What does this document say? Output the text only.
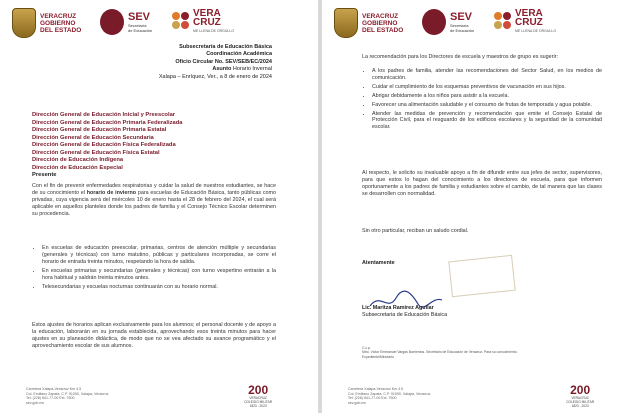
VERACRUZ
GOBIERNO
DEL ESTADO
SEV
Secretaría
de Educación
VERA
CRUZ
ME LLENA DE ORGULLO
Subsecretaría de Educación Básica
Coordinación Académica
Oficio Circular No. SEV/SEB/EC/2024
Asunto Horario Invernal
Xalapa – Enríquez, Ver., a 8 de enero de 2024
Dirección General de Educación Inicial y Preescolar
Dirección General de Educación Primaria Federalizada
Dirección General de Educación Primaria Estatal
Dirección General de Educación Secundaria
Dirección General de Educación Física Federalizada
Dirección General de Educación Física Estatal
Dirección de Educación Indígena
Dirección de Educación Especial
Presente
Con el fin de prevenir enfermedades respiratorias y cuidar la salud de nuestros estudiantes, se hace de su conocimiento el horario de invierno para escuelas de Educación Básica, tanto públicas como privadas, cuya vigencia será del miércoles 10 de enero hasta el 28 de febrero del 2024, el cual será aplicable en aquellos planteles donde los padres de familia y el Consejo Técnico Escolar determinen su procedencia.
• En escuelas de educación preescolar, primarias, centros de atención múltiple y secundarias (generales y técnicas) con turno matutino, públicas y particulares incorporadas, se corre el horario de entrada treinta minutos, respetando la hora de salida.
• En escuelas primarias y secundarias (generales y técnicas) con turno vespertino entrarán a la hora habitual y saldrán treinta minutos antes.
• Telesecundarias y escuelas nocturnas continuarán con su horario normal.
Estos ajustes de horarios aplican exclusivamente para los alumnos; el personal docente y de apoyo a la educación, laborarán en su jornada establecida, aprovechando esos treinta minutos para hacer ajustes en su planeación didáctica, de modo que no se vea afectado su avance programático y el aprovechamiento escolar de sus alumnos.
Carretera Xalapa-Veracruz Km 4.5
Col. Emiliano Zapata, C.P. 91090, Xalapa, Veracruz.
Tel: (228) 841-77-00 Ext. 7600
sev.gob.mx
200
VERACRUZ
COLEGIO MILITAR
1823 - 2023
VERACRUZ
GOBIERNO
DEL ESTADO
SEV
Secretaría
de Educación
VERA
CRUZ
ME LLENA DE ORGULLO
La recomendación para los Directores de escuela y maestros de grupo es sugerir:
• A los padres de familia, atender las recomendaciones del Sector Salud, en los medios de comunicación.
• Cuidar el cumplimiento de los esquemas preventivos de vacunación en sus hijos.
• Abrigar debidamente a los niños para asistir a la escuela.
• Favorecer una alimentación saludable y el consumo de frutas de temporada y agua potable.
• Atender las medidas de prevención y recomendación que emite el Consejo Estatal de Protección Civil, para el resguardo de los edificios escolares y la seguridad de la comunidad escolar.
Al respecto, le solicito su invaluable apoyo a fin de difundir entre sus jefes de sector, supervisores, para que estos lo hagan del conocimiento a los directores de escuela, para que informen oportunamente a los padres de familia y estudiantes sobre el cambio, de tal manera que las clases se desarrollen con normalidad.
Sin otro particular, reciban un saludo cordial.
Atentamente
Lic. Maritza Ramírez Aguilar
Subsecretaria de Educación Básica
C.c.p.
Mtro. Victor Emmanuel Vargas Barrientos. Secretario de Educación de Veracruz. Para su conocimiento.
Expediente/Minutario
Carretera Xalapa-Veracruz Km 4.5
Col. Emiliano Zapata, C.P. 91090, Xalapa, Veracruz.
Tel: (228) 841-77-00 Ext. 7600
sev.gob.mx
200
VERACRUZ
COLEGIO MILITAR
1823 - 2023
